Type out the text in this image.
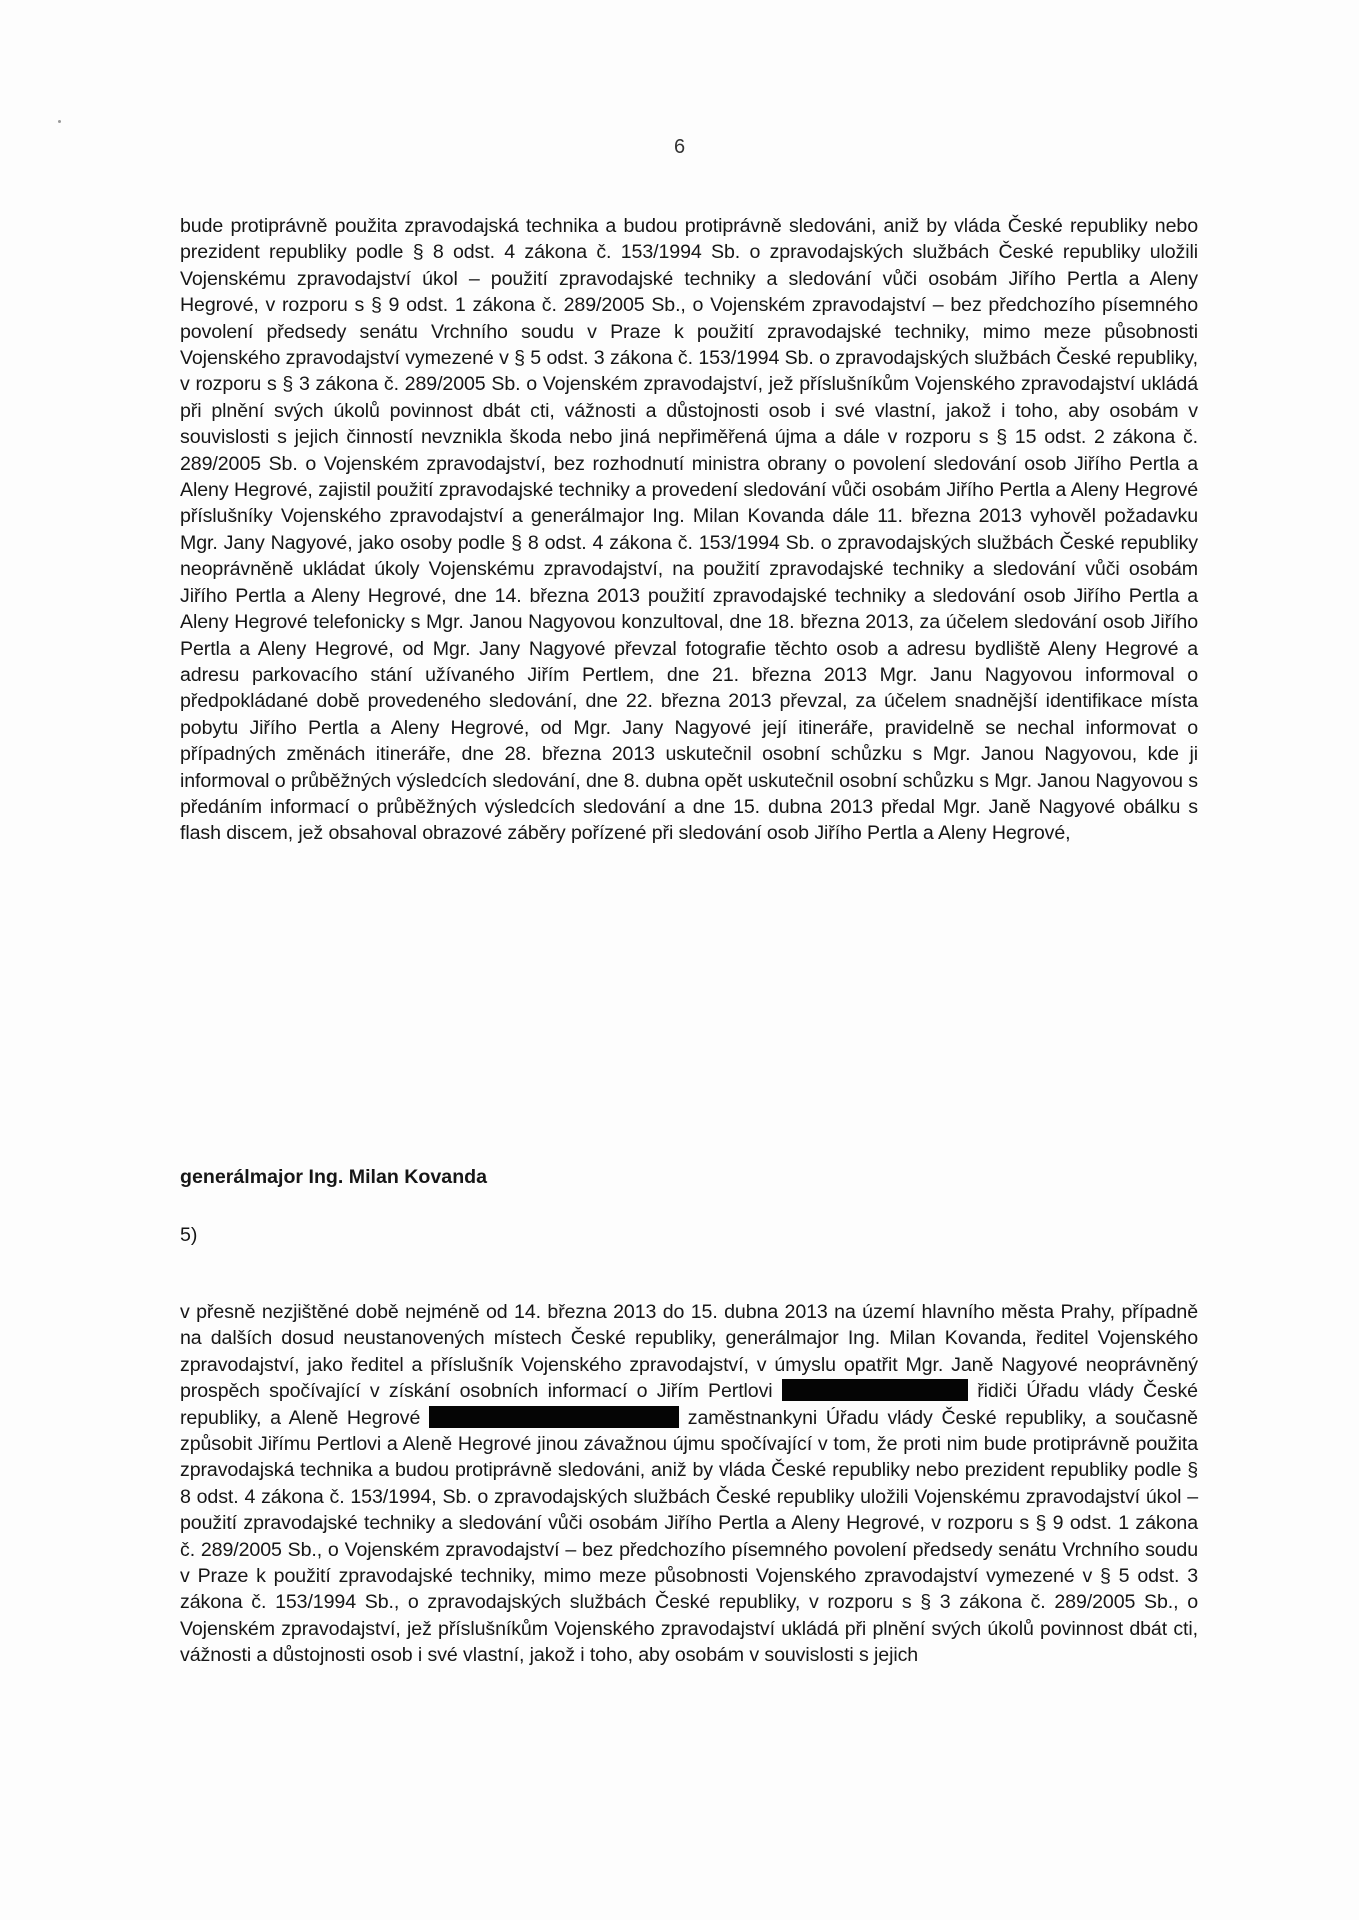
6

bude protiprávně použita zpravodajská technika a budou protiprávně sledováni, aniž by vláda České republiky nebo prezident republiky podle § 8 odst. 4 zákona č. 153/1994 Sb. o zpravodajských službách České republiky uložili Vojenskému zpravodajství úkol – použití zpravodajské techniky a sledování vůči osobám Jiřího Pertla a Aleny Hegrové, v rozporu s § 9 odst. 1 zákona č. 289/2005 Sb., o Vojenském zpravodajství – bez předchozího písemného povolení předsedy senátu Vrchního soudu v Praze k použití zpravodajské techniky, mimo meze působnosti Vojenského zpravodajství vymezené v § 5 odst. 3 zákona č. 153/1994 Sb. o zpravodajských službách České republiky, v rozporu s § 3 zákona č. 289/2005 Sb. o Vojenském zpravodajství, jež příslušníkům Vojenského zpravodajství ukládá při plnění svých úkolů povinnost dbát cti, vážnosti a důstojnosti osob i své vlastní, jakož i toho, aby osobám v souvislosti s jejich činností nevznikla škoda nebo jiná nepřiměřená újma a dále v rozporu s § 15 odst. 2 zákona č. 289/2005 Sb. o Vojenském zpravodajství, bez rozhodnutí ministra obrany o povolení sledování osob Jiřího Pertla a Aleny Hegrové, zajistil použití zpravodajské techniky a provedení sledování vůči osobám Jiřího Pertla a Aleny Hegrové příslušníky Vojenského zpravodajství a generálmajor Ing. Milan Kovanda dále 11. března 2013 vyhověl požadavku Mgr. Jany Nagyové, jako osoby podle § 8 odst. 4 zákona č. 153/1994 Sb. o zpravodajských službách České republiky neoprávněně ukládat úkoly Vojenskému zpravodajství, na použití zpravodajské techniky a sledování vůči osobám Jiřího Pertla a Aleny Hegrové, dne 14. března 2013 použití zpravodajské techniky a sledování osob Jiřího Pertla a Aleny Hegrové telefonicky s Mgr. Janou Nagyovou konzultoval, dne 18. března 2013, za účelem sledování osob Jiřího Pertla a Aleny Hegrové, od Mgr. Jany Nagyové převzal fotografie těchto osob a adresu bydliště Aleny Hegrové a adresu parkovacího stání užívaného Jiřím Pertlem, dne 21. března 2013 Mgr. Janu Nagyovou informoval o předpokládané době provedeného sledování, dne 22. března 2013 převzal, za účelem snadnější identifikace místa pobytu Jiřího Pertla a Aleny Hegrové, od Mgr. Jany Nagyové její itineráře, pravidelně se nechal informovat o případných změnách itineráře, dne 28. března 2013 uskutečnil osobní schůzku s Mgr. Janou Nagyovou, kde ji informoval o průběžných výsledcích sledování, dne 8. dubna opět uskutečnil osobní schůzku s Mgr. Janou Nagyovou s předáním informací o průběžných výsledcích sledování a dne 15. dubna 2013 předal Mgr. Janě Nagyové obálku s flash discem, jež obsahoval obrazové záběry pořízené při sledování osob Jiřího Pertla a Aleny Hegrové,

generálmajor Ing. Milan Kovanda

5)

v přesně nezjištěné době nejméně od 14. března 2013 do 15. dubna 2013 na území hlavního města Prahy, případně na dalších dosud neustanovených místech České republiky, generálmajor Ing. Milan Kovanda, ředitel Vojenského zpravodajství, jako ředitel a příslušník Vojenského zpravodajství, v úmyslu opatřit Mgr. Janě Nagyové neoprávněný prospěch spočívající v získání osobních informací o Jiřím Pertlovi	řidiči Úřadu vlády České republiky, a Aleně Hegrové	zaměstnankyni Úřadu vlády České republiky, a současně způsobit Jiřímu Pertlovi a Aleně Hegrové jinou závažnou újmu spočívající v tom, že proti nim bude protiprávně použita zpravodajská technika a budou protiprávně sledováni, aniž by vláda České republiky nebo prezident republiky podle § 8 odst. 4 zákona č. 153/1994, Sb. o zpravodajských službách České republiky uložili Vojenskému zpravodajství úkol – použití zpravodajské techniky a sledování vůči osobám Jiřího Pertla a Aleny Hegrové, v rozporu s § 9 odst. 1 zákona č. 289/2005 Sb., o Vojenském zpravodajství – bez předchozího písemného povolení předsedy senátu Vrchního soudu v Praze k použití zpravodajské techniky, mimo meze působnosti Vojenského zpravodajství vymezené v § 5 odst. 3 zákona č. 153/1994 Sb., o zpravodajských službách České republiky, v rozporu s § 3 zákona č. 289/2005 Sb., o Vojenském zpravodajství, jež příslušníkům Vojenského zpravodajství ukládá při plnění svých úkolů povinnost dbát cti, vážnosti a důstojnosti osob i své vlastní, jakož i toho, aby osobám v souvislosti s jejich
